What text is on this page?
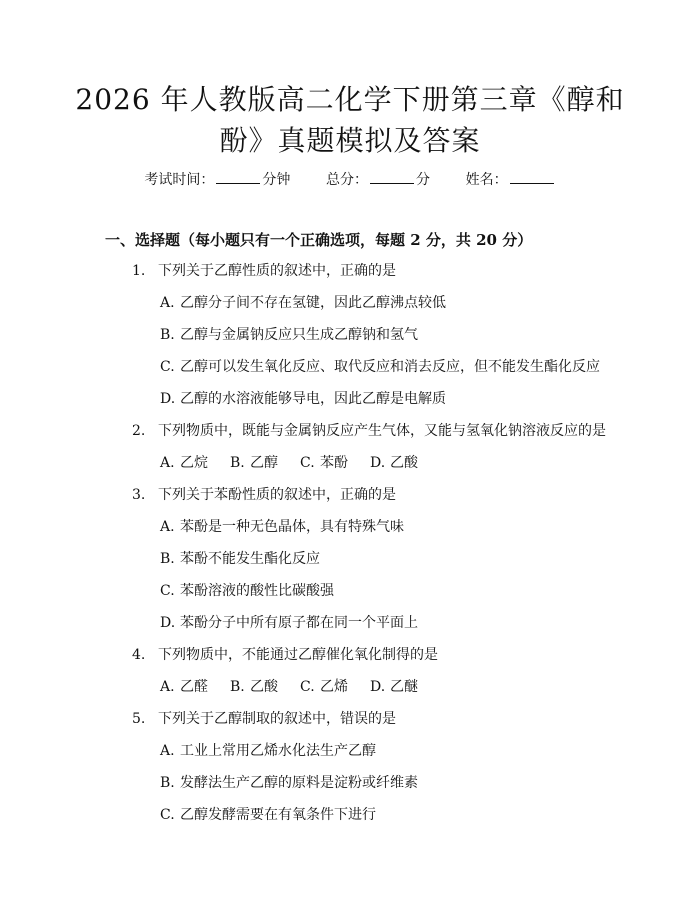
2026 年人教版高二化学下册第三章《醇和
酚》真题模拟及答案
考试时间：	分钟	总分：	分	姓名：
一、选择题（每小题只有一个正确选项，每题 2 分，共 20 分）
1. 下列关于乙醇性质的叙述中，正确的是
A. 乙醇分子间不存在氢键，因此乙醇沸点较低
B. 乙醇与金属钠反应只生成乙醇钠和氢气
C. 乙醇可以发生氧化反应、取代反应和消去反应，但不能发生酯化反应
D. 乙醇的水溶液能够导电，因此乙醇是电解质
2. 下列物质中，既能与金属钠反应产生气体，又能与氢氧化钠溶液反应的是
A. 乙烷 B. 乙醇 C. 苯酚 D. 乙酸
3. 下列关于苯酚性质的叙述中，正确的是
A. 苯酚是一种无色晶体，具有特殊气味
B. 苯酚不能发生酯化反应
C. 苯酚溶液的酸性比碳酸强
D. 苯酚分子中所有原子都在同一个平面上
4. 下列物质中，不能通过乙醇催化氧化制得的是
A. 乙醛 B. 乙酸 C. 乙烯 D. 乙醚
5. 下列关于乙醇制取的叙述中，错误的是
A. 工业上常用乙烯水化法生产乙醇
B. 发酵法生产乙醇的原料是淀粉或纤维素
C. 乙醇发酵需要在有氧条件下进行
